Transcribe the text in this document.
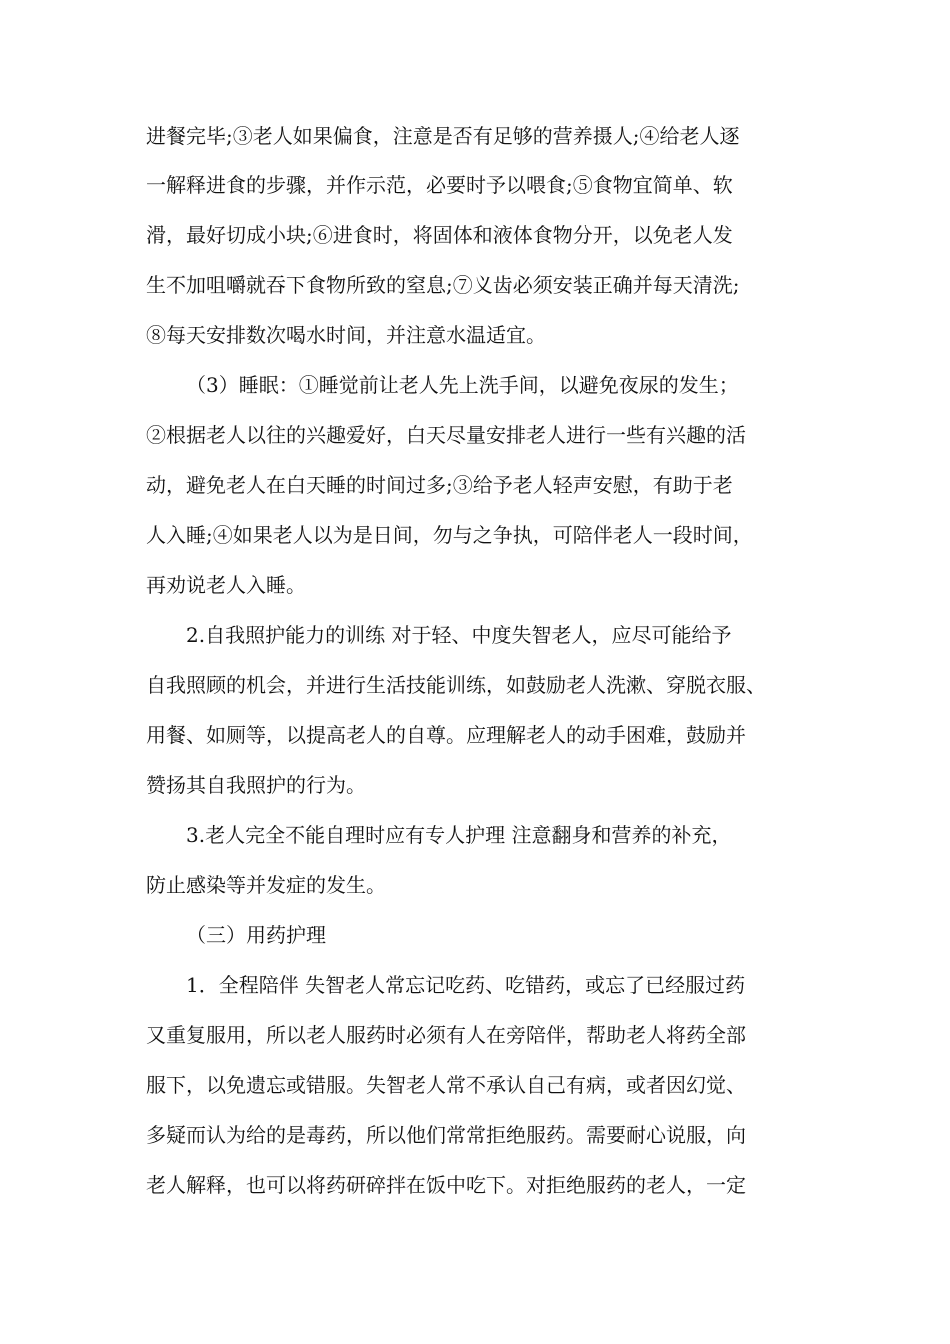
进餐完毕;③老人如果偏食，注意是否有足够的营养摄人;④给老人逐
一解释进食的步骤，并作示范，必要时予以喂食;⑤食物宜简单、软
滑，最好切成小块;⑥进食时，将固体和液体食物分开，以免老人发
生不加咀嚼就吞下食物所致的窒息;⑦义齿必须安装正确并每天清洗;
⑧每天安排数次喝水时间，并注意水温适宜。
（3）睡眠：①睡觉前让老人先上洗手间，以避免夜尿的发生；
②根据老人以往的兴趣爱好，白天尽量安排老人进行一些有兴趣的活
动，避免老人在白天睡的时间过多;③给予老人轻声安慰，有助于老
人入睡;④如果老人以为是日间，勿与之争执，可陪伴老人一段时间，
再劝说老人入睡。
2.自我照护能力的训练 对于轻、中度失智老人，应尽可能给予
自我照顾的机会，并进行生活技能训练，如鼓励老人洗漱、穿脱衣服、
用餐、如厕等，以提高老人的自尊。应理解老人的动手困难，鼓励并
赞扬其自我照护的行为。
3.老人完全不能自理时应有专人护理 注意翻身和营养的补充，
防止感染等并发症的发生。
（三）用药护理
1．全程陪伴 失智老人常忘记吃药、吃错药，或忘了已经服过药
又重复服用，所以老人服药时必须有人在旁陪伴，帮助老人将药全部
服下，以免遗忘或错服。失智老人常不承认自己有病，或者因幻觉、
多疑而认为给的是毒药，所以他们常常拒绝服药。需要耐心说服，向
老人解释，也可以将药研碎拌在饭中吃下。对拒绝服药的老人，一定
